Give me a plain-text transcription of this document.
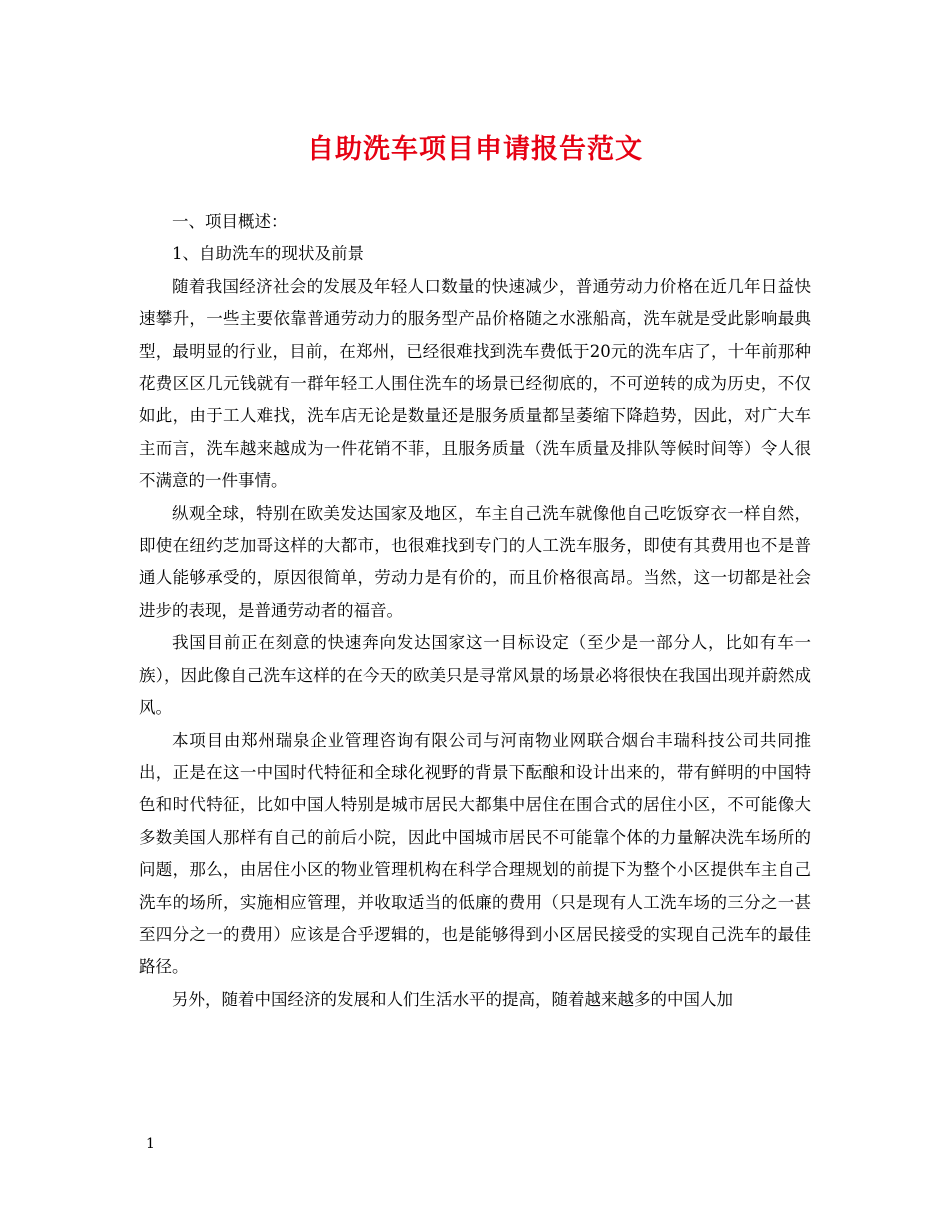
自助洗车项目申请报告范文

一、项目概述：

1、自助洗车的现状及前景

随着我国经济社会的发展及年轻人口数量的快速减少，普通劳动力价格在近几年日益快速攀升，一些主要依靠普通劳动力的服务型产品价格随之水涨船高，洗车就是受此影响最典型，最明显的行业，目前，在郑州，已经很难找到洗车费低于20元的洗车店了，十年前那种花费区区几元钱就有一群年轻工人围住洗车的场景已经彻底的，不可逆转的成为历史，不仅如此，由于工人难找，洗车店无论是数量还是服务质量都呈萎缩下降趋势，因此，对广大车主而言，洗车越来越成为一件花销不菲，且服务质量（洗车质量及排队等候时间等）令人很不满意的一件事情。

纵观全球，特别在欧美发达国家及地区，车主自己洗车就像他自己吃饭穿衣一样自然，即使在纽约芝加哥这样的大都市，也很难找到专门的人工洗车服务，即使有其费用也不是普通人能够承受的，原因很简单，劳动力是有价的，而且价格很高昂。当然，这一切都是社会进步的表现，是普通劳动者的福音。

我国目前正在刻意的快速奔向发达国家这一目标设定（至少是一部分人，比如有车一族），因此像自己洗车这样的在今天的欧美只是寻常风景的场景必将很快在我国出现并蔚然成风。

本项目由郑州瑞泉企业管理咨询有限公司与河南物业网联合烟台丰瑞科技公司共同推出，正是在这一中国时代特征和全球化视野的背景下酝酿和设计出来的，带有鲜明的中国特色和时代特征，比如中国人特别是城市居民大都集中居住在围合式的居住小区，不可能像大多数美国人那样有自己的前后小院，因此中国城市居民不可能靠个体的力量解决洗车场所的问题，那么，由居住小区的物业管理机构在科学合理规划的前提下为整个小区提供车主自己洗车的场所，实施相应管理，并收取适当的低廉的费用（只是现有人工洗车场的三分之一甚至四分之一的费用）应该是合乎逻辑的，也是能够得到小区居民接受的实现自己洗车的最佳路径。

另外，随着中国经济的发展和人们生活水平的提高，随着越来越多的中国人加

1
